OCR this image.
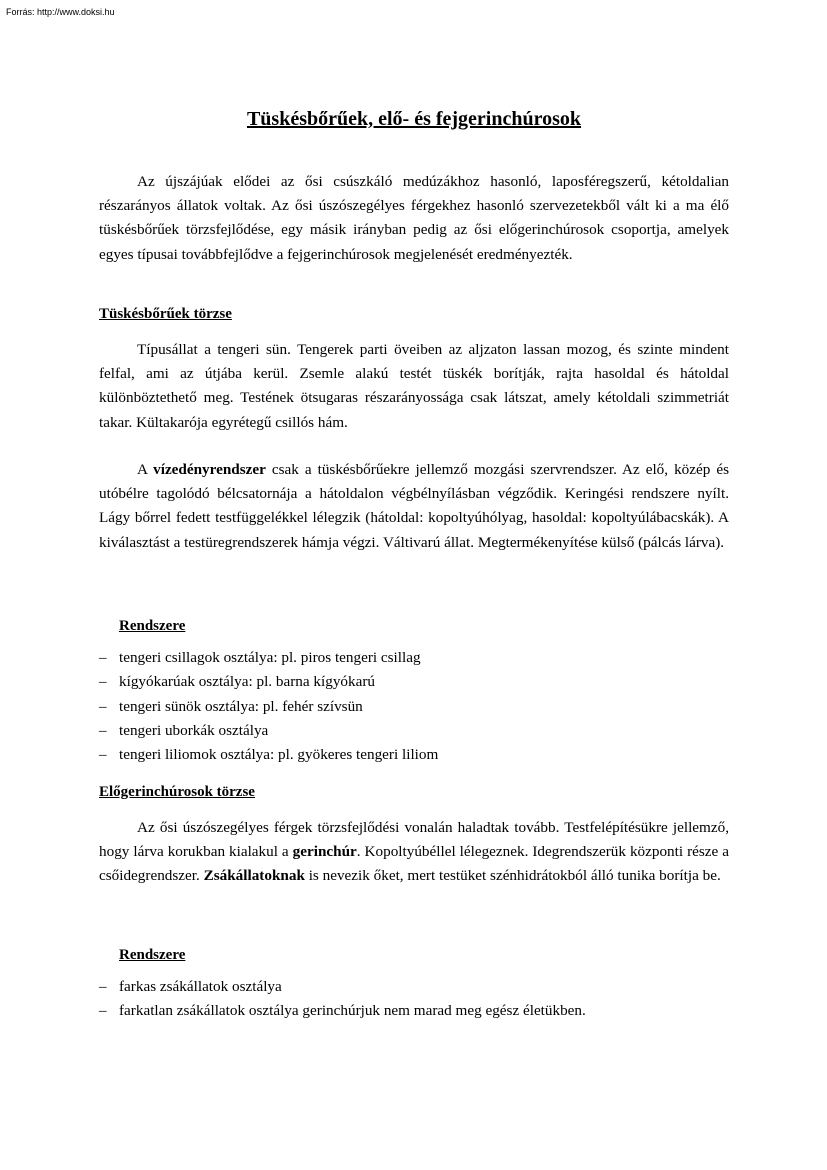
Forrás: http://www.doksi.hu
Tüskésbőrűek, elő- és fejgerinchúrosok

Az újszájúak elődei az ősi csúszkáló medúzákhoz hasonló, laposféregszerű, kétoldalian részarányos állatok voltak. Az ősi úszószegélyes férgekhez hasonló szervezetekből vált ki a ma élő tüskésbőrűek törzsfejlődése, egy másik irányban pedig az ősi előgerinchúrosok csoportja, amelyek egyes típusai továbbfejlődve a fejgerinchúrosok megjelenését eredményezték.

Tüskésbőrűek törzse

Típusállat a tengeri sün. Tengerek parti öveiben az aljzaton lassan mozog, és szinte mindent felfal, ami az útjába kerül. Zsemle alakú testét tüskék borítják, rajta hasoldal és hátoldal különböztethető meg. Testének ötsugaras részarányossága csak látszat, amely kétoldali szimmetriát takar. Kültakarója egyrétegű csillós hám.

A vízedényrendszer csak a tüskésbőrűekre jellemző mozgási szervrendszer. Az elő, közép és utóbélre tagolódó bélcsatornája a hátoldalon végbélnyílásban végződik. Keringési rendszere nyílt. Lágy bőrrel fedett testfüggelékkel lélegzik (hátoldal: kopoltyúhólyag, hasoldal: kopoltyúlábacskák). A kiválasztást a testüregrendszerek hámja végzi. Váltivarú állat. Megtermékenyítése külső (pálcás lárva).

Rendszere
– tengeri csillagok osztálya: pl. piros tengeri csillag
– kígyókarúak osztálya: pl. barna kígyókarú
– tengeri sünök osztálya: pl. fehér szívsün
– tengeri uborkák osztálya
– tengeri liliomok osztálya: pl. gyökeres tengeri liliom
Előgerinchúrosok törzse

Az ősi úszószegélyes férgek törzsfejlődési vonalán haladtak tovább. Testfelépítésükre jellemző, hogy lárva korukban kialakul a gerinchúr. Kopoltyúbéllel lélegeznek. Idegrendszerük központi része a csőidegrendszer. Zsákállatoknak is nevezik őket, mert testüket szénhidrátokból álló tunika borítja be.

Rendszere
– farkas zsákállatok osztálya
– farkatlan zsákállatok osztálya gerinchúrjuk nem marad meg egész életükben.
